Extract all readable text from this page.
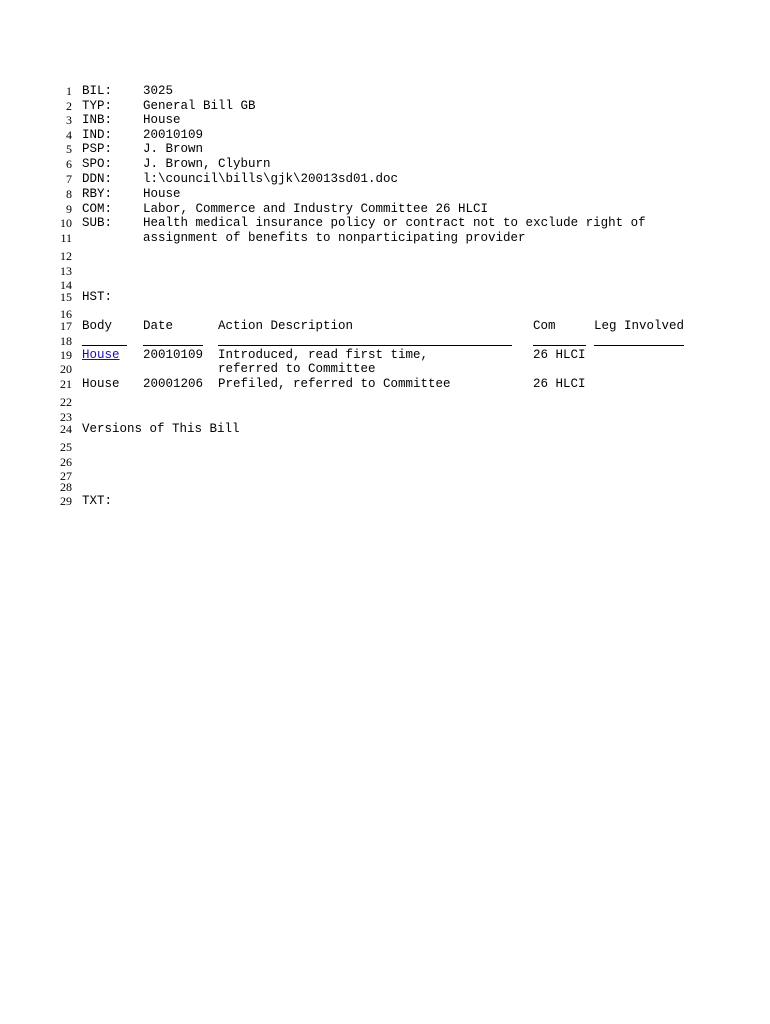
1
2
3
4
5
6
7
8
9
10
11
12
13
14
15
16
17
18
19
20
21
22
23
24
25
26
27
28
29
BIL: 3025
TYP: General Bill GB
INB: House
IND: 20010109
PSP: J. Brown
SPO: J. Brown, Clyburn
DDN: l:\council\bills\gjk\20013sd01.doc
RBY: House
COM: Labor, Commerce and Industry Committee 26 HLCI
SUB: Health medical insurance policy or contract not to exclude right of
assignment of benefits to nonparticipating provider
HST:
Body Date	Action Description	Com	Leg Involved
House 20010109 Introduced, read first time,	26 HLCI
referred to Committee
House 20001206 Prefiled, referred to Committee	26 HLCI
Versions of This Bill
TXT:
